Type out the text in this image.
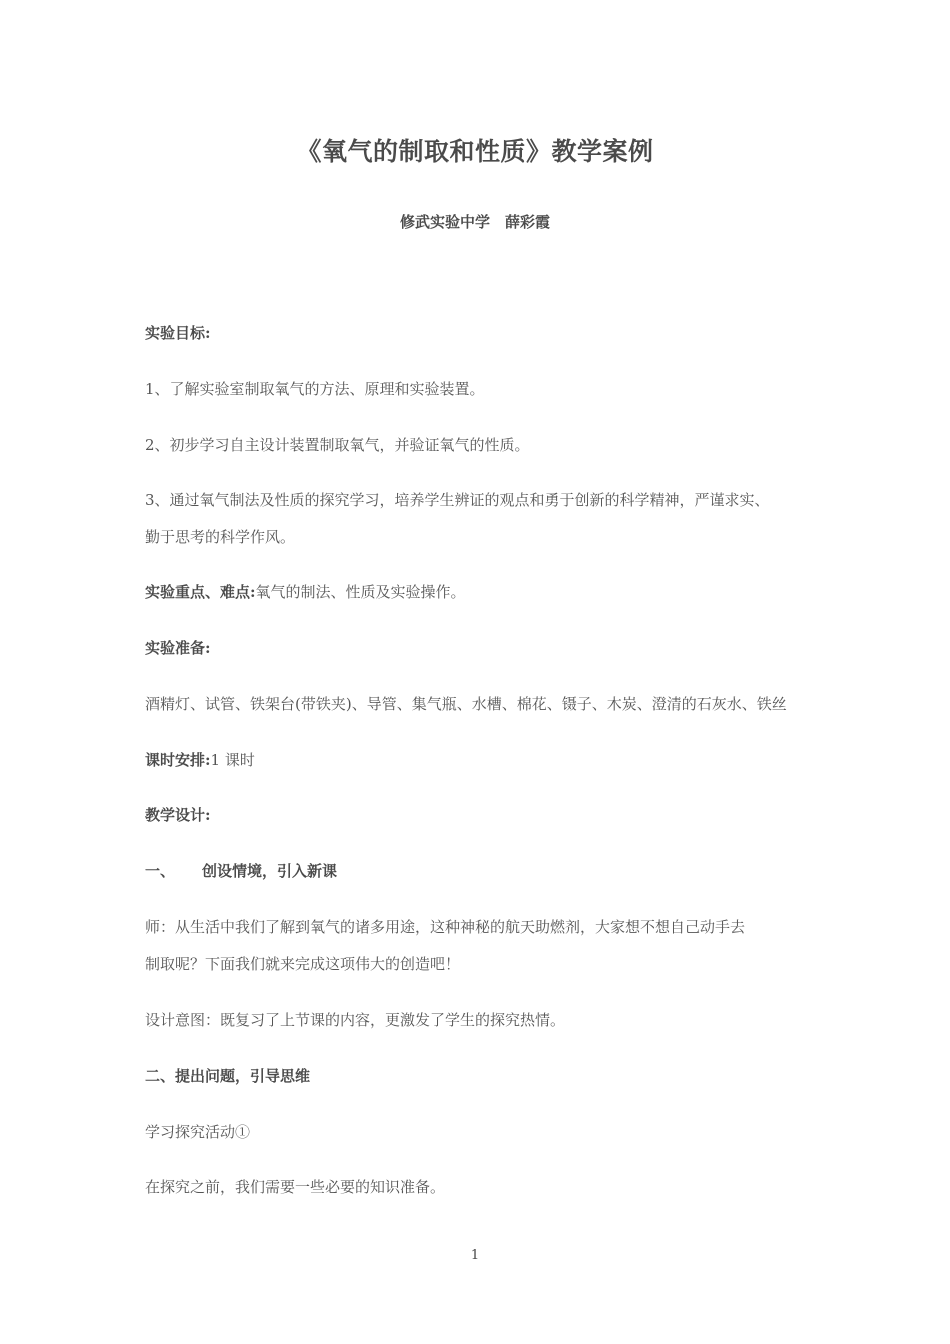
《氧气的制取和性质》教学案例
修武实验中学　薛彩霞
实验目标:
1、了解实验室制取氧气的方法、原理和实验装置。
2、初步学习自主设计装置制取氧气，并验证氧气的性质。
3、通过氧气制法及性质的探究学习，培养学生辨证的观点和勇于创新的科学精神，严谨求实、
勤于思考的科学作风。
实验重点、难点:氧气的制法、性质及实验操作。
实验准备:
酒精灯、试管、铁架台(带铁夹)、导管、集气瓶、水槽、棉花、镊子、木炭、澄清的石灰水、铁丝
课时安排:1 课时
教学设计:
一、 创设情境，引入新课
师：从生活中我们了解到氧气的诸多用途，这种神秘的航天助燃剂，大家想不想自己动手去
制取呢？下面我们就来完成这项伟大的创造吧！
设计意图：既复习了上节课的内容，更激发了学生的探究热情。
二、提出问题，引导思维
学习探究活动①
在探究之前，我们需要一些必要的知识准备。
1
